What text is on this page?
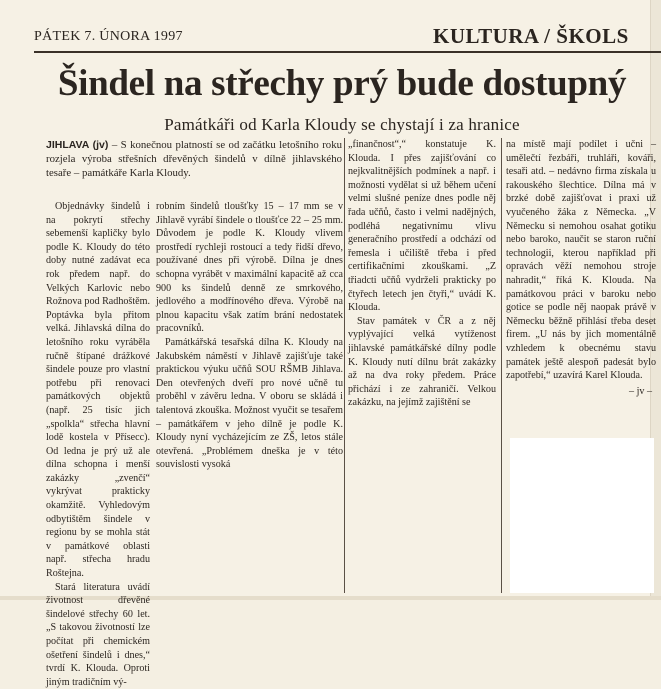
PÁTEK 7. ÚNORA 1997	KULTURA / ŠKOLS
Šindel na střechy prý bude dostupný
Památkáři od Karla Kloudy se chystají i za hranice
JIHLAVA (jv) – S konečnou platností se od začátku letošního roku rozjela výroba střešních dřevěných šindelů v dílně jihlavského tesaře – památkáře Karla Kloudy.

Objednávky šindelů i na pokrytí střechy sebemenší kapličky bylo podle K. Kloudy do této doby nutné zadávat eca rok předem např. do Velkých Karlovic nebo Rožnova pod Radhoštěm. Poptávka byla přitom velká. Jihlavská dílna do letošního roku vyráběla ručně štípané drážkové šindele pouze pro vlastní potřebu při renovaci památkových objektů (např. 25 tisíc jich „spolkla“ střecha hlavní lodě kostela v Přísecc). Od ledna je prý už ale dílna schopna i menší zakázky „zvenčí“ vykrývat prakticky okamžitě. Vyhledovým odbytištěm šindele v regionu by se mohla stát v památkové oblasti např. střecha hradu Roštejna.

Stará literatura uvádí životnost dřevěné šindelové střechy 60 let. „S takovou životností lze počítat při chemickém ošetření šindelů i dnes,“ tvrdí K. Klouda. Oproti jiným tradičním vý-

robním šindelů tloušťky 15 – 17 mm se v Jihlavě vyrábí šindele o tloušťce 22 – 25 mm. Důvodem je podle K. Kloudy vlivem prostředí rychleji rostoucí a tedy řidší dřevo, používané dnes při výrobě. Dílna je dnes schopna vyrábět v maximální kapacitě až cca 900 ks šindelů denně ze smrkového, jedlového a modřínového dřeva. Výrobě na plnou kapacitu však zatím brání nedostatek pracovníků.

Památkářská tesařská dílna K. Kloudy na Jakubském náměstí v Jihlavě zajišťuje také praktickou výuku učňů SOU RŠMB Jihlava. Den otevřených dveří pro nové učně tu proběhl v závěru ledna. V oboru se skládá i talentová zkouška. Možnost vyučit se tesařem – památkářem v jeho dílně je podle K. Kloudy nyní vycházejícím ze ZŠ, letos stále otevřená. „Problémem dneška je v této souvislosti vysoká

„finančnost“,“ konstatuje K. Klouda. I přes zajišťování co nejkvalitnějších podmínek a např. i možnosti vydělat si už během učení velmi slušné peníze dnes podle něj řada učňů, často i velmi nadějných, podléhá negativnímu vlivu generačního prostředí a odchází od řemesla i učiliště třeba i před certifikačními zkouškami. „Z třiadcti učňů vydrželi prakticky po čtyřech letech jen čtyři,“ uvádí K. Klouda.

Stav památek v ČR a z něj vyplývající velká vytíženost jihlavské památkářské dílny podle K. Kloudy nutí dílnu brát zakázky až na dva roky předem. Práce přichází i ze zahraničí. Velkou zakázku, na jejímž zajištění se

na místě mají podílet i učni – umělečtí řezbáři, truhláři, kováři, tesaři atd. – nedávno firma získala u rakouského šlechtice. Dílna má v brzké době zajišťovat i praxi už vyučeného žáka z Německa. „V Německu si nemohou osahat gotiku nebo baroko, naučit se staron ruční technologii, kterou například při opravách věží nemohou stroje nahradit,“ říká K. Klouda. Na památkovou práci v baroku nebo gotice se podle něj naopak právě v Německu běžně přihlásí třeba deset firem. „U nás by jich momentálně vzhledem k obecnému stavu památek ještě alespoň padesát bylo zapotřebí,“ uzavírá Karel Klouda.

– jv –
